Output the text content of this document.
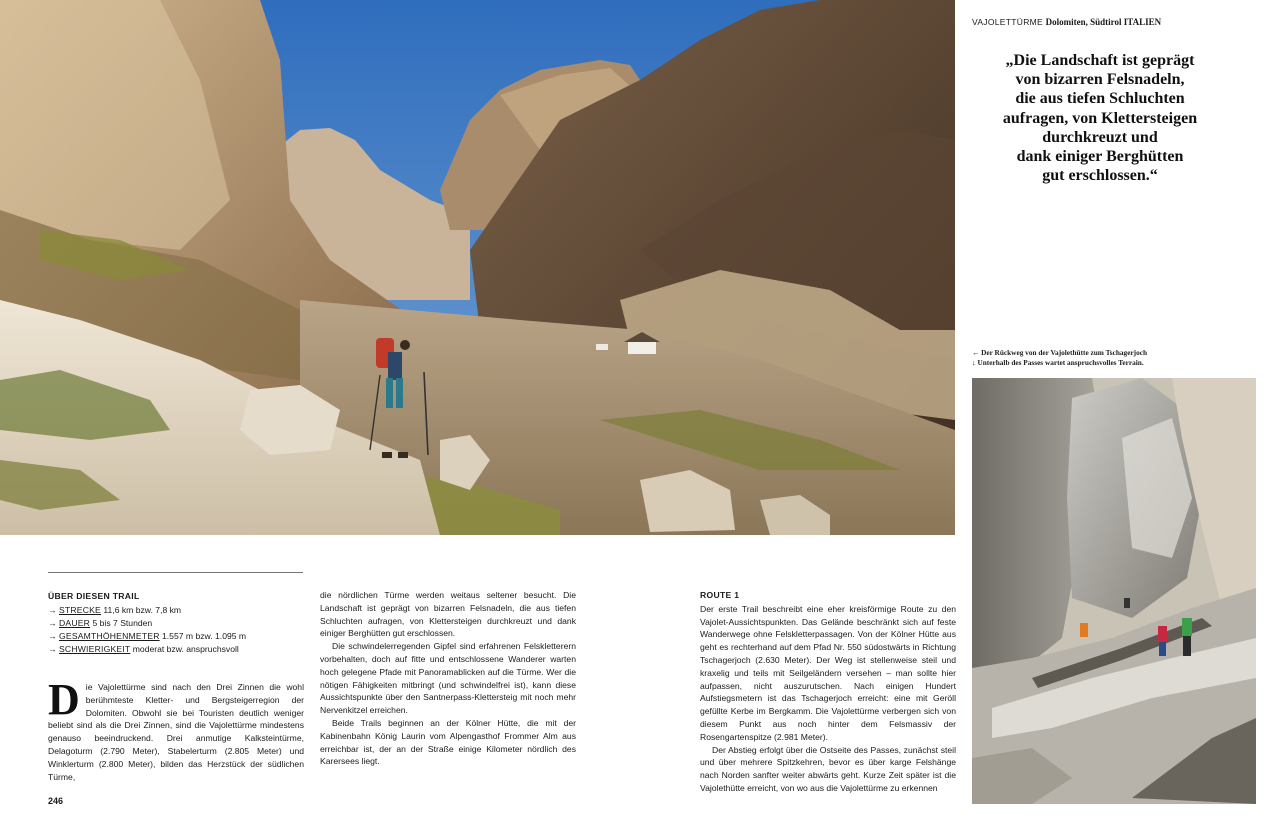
VAJOLETTÜRME Dolomiten, Südtirol ITALIEN
„Die Landschaft ist geprägt
von bizarren Felsnadeln,
die aus tiefen Schluchten
aufragen, von Klettersteigen
durchkreuzt und
dank einiger Berghütten
gut erschlossen.“
← Der Rückweg von der Vajolethütte zum Tschagerjoch
↓ Unterhalb des Passes wartet anspruchsvolles Terrain.
ÜBER DIESEN TRAIL
→ STRECKE 11,6 km bzw. 7,8 km
→ DAUER 5 bis 7 Stunden
→ GESAMTHÖHENMETER 1.557 m bzw. 1.095 m
→ SCHWIERIGKEIT moderat bzw. anspruchsvoll
D ie Vajolettürme sind nach den Drei Zinnen die wohl berühmteste Kletter- und Bergsteigerregion der Dolomiten. Obwohl sie bei Touristen deutlich weniger beliebt sind als die Drei Zinnen, sind die Vajolettürme mindestens genauso beeindruckend. Drei anmutige Kalksteintürme, Delagoturm (2.790 Meter), Stabelerturm (2.805 Meter) und Winklerturm (2.800 Meter), bilden das Herzstück der südlichen Türme,

die nördlichen Türme werden weitaus seltener besucht. Die Landschaft ist geprägt von bizarren Felsnadeln, die aus tiefen Schluchten aufragen, von Klettersteigen durchkreuzt und dank einiger Berghütten gut erschlossen.

Die schwindelerregenden Gipfel sind erfahrenen Felskletterern vorbehalten, doch auf fitte und entschlossene Wanderer warten hoch gelegene Pfade mit Panoramablicken auf die Türme. Wer die nötigen Fähigkeiten mitbringt (und schwindelfrei ist), kann diese Aussichtspunkte über den Santnerpass-Klettersteig mit noch mehr Nervenkitzel erreichen.

Beide Trails beginnen an der Kölner Hütte, die mit der Kabinenbahn König Laurin vom Alpengasthof Frommer Alm aus erreichbar ist, der an der Straße einige Kilometer nördlich des Karersees liegt.

ROUTE 1

Der erste Trail beschreibt eine eher kreisförmige Route zu den Vajolet-Aussichtspunkten. Das Gelände beschränkt sich auf feste Wanderwege ohne Felskletterpassagen. Von der Kölner Hütte aus geht es rechterhand auf dem Pfad Nr. 550 südostwärts in Richtung Tschagerjoch (2.630 Meter). Der Weg ist stellenweise steil und kraxelig und teils mit Seilgeländern versehen – man sollte hier aufpassen, nicht auszurutschen. Nach einigen Hundert Aufstiegsmetern ist das Tschagerjoch erreicht: eine mit Geröll gefüllte Kerbe im Bergkamm. Die Vajolettürme verbergen sich von diesem Punkt aus noch hinter dem Felsmassiv der Rosengartenspitze (2.981 Meter).

Der Abstieg erfolgt über die Ostseite des Passes, zunächst steil und über mehrere Spitzkehren, bevor es über karge Felshänge nach Norden sanfter weiter abwärts geht. Kurze Zeit später ist die Vajolethütte erreicht, von wo aus die Vajolettürme zu erkennen

246
